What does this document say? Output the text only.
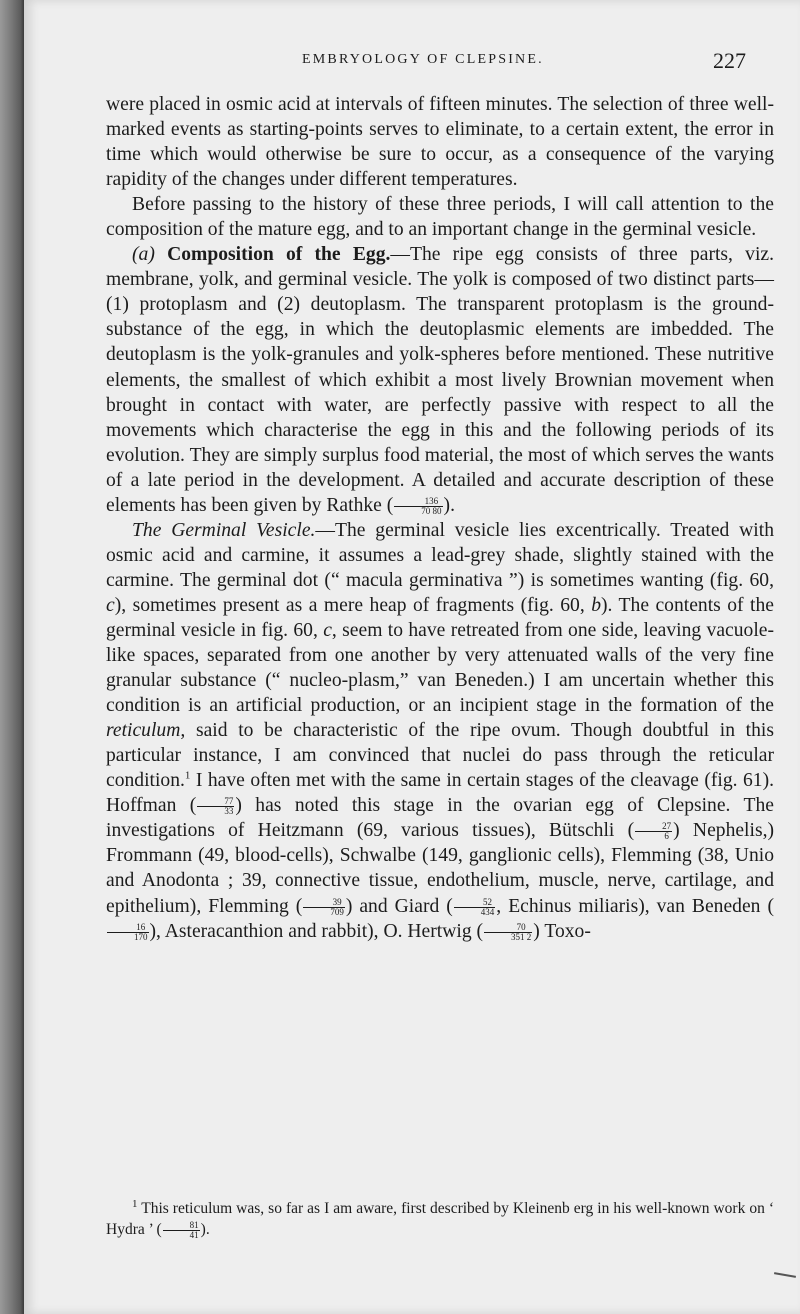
EMBRYOLOGY OF CLEPSINE.	227

were placed in osmic acid at intervals of fifteen minutes. The selection of three well-marked events as starting-points serves to eliminate, to a certain extent, the error in time which would otherwise be sure to occur, as a consequence of the varying rapidity of the changes under different temperatures.

Before passing to the history of these three periods, I will call attention to the composition of the mature egg, and to an important change in the germinal vesicle.

(a) Composition of the Egg.—The ripe egg consists of three parts, viz. membrane, yolk, and germinal vesicle. The yolk is composed of two distinct parts—(1) protoplasm and (2) deutoplasm. The transparent protoplasm is the ground-substance of the egg, in which the deutoplasmic elements are imbedded. The deutoplasm is the yolk-granules and yolk-spheres before mentioned. These nutritive elements, the smallest of which exhibit a most lively Brownian movement when brought in contact with water, are perfectly passive with respect to all the movements which characterise the egg in this and the following periods of its evolution. They are simply surplus food material, the most of which serves the wants of a late period in the development. A detailed and accurate description of these elements has been given by Rathke ( $\frac{136}{70 80}$ ).

The Germinal Vesicle.—The germinal vesicle lies excentrically. Treated with osmic acid and carmine, it assumes a lead-grey shade, slightly stained with the carmine. The germinal dot (“ macula germinativa ”) is sometimes wanting (fig. 60, c), sometimes present as a mere heap of fragments (fig. 60, b). The contents of the germinal vesicle in fig. 60, c, seem to have retreated from one side, leaving vacuole-like spaces, separated from one another by very attenuated walls of the very fine granular substance (“ nucleo-plasm,” van Beneden.) I am uncertain whether this condition is an artificial production, or an incipient stage in the formation of the reticulum, said to be characteristic of the ripe ovum. Though doubtful in this particular instance, I am convinced that nuclei do pass through the reticular condition.$^1$ I have often met with the same in certain stages of the cleavage (fig. 61). Hoffman ( $\frac{77}{33}$ ) has noted this stage in the ovarian egg of Clepsine. The investigations of Heitzmann (69, various tissues), Bütschli ( $\frac{27}{6}$ ) Nephelis,) Frommann (49, blood-cells), Schwalbe (149, ganglionic cells), Flemming (38, Unio and Anodonta ; 39, connective tissue, endothelium, muscle, nerve, cartilage, and epithelium), Flemming ( $\frac{39}{709}$ ) and Giard ( $\frac{52}{434}$ , Echinus miliaris), van Beneden (
$\frac{16}{170}$ ), Asteracanthion and rabbit), O. Hertwig ( $\frac{70}{351 2}$ ) Toxo-

$^1$ This reticulum was, so far as I am aware, first described by Kleinenb erg in his well-known work on ‘ Hydra ’ ( $\frac{81}{41}$ ).
